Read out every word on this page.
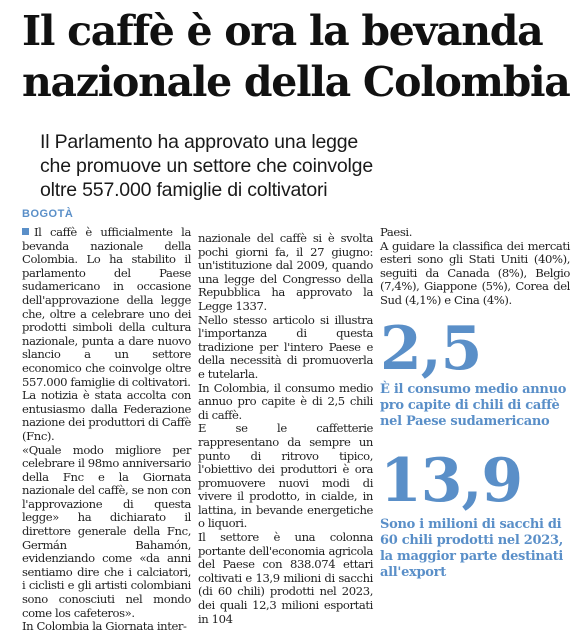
Il caffè è ora la bevanda
nazionale della Colombia
Il Parlamento ha approvato una legge
che promuove un settore che coinvolge
oltre 557.000 famiglie di coltivatori
BOGOTÀ

Il caffè è ufficialmente la bevanda nazionale della Colombia. Lo ha stabilito il parlamento del Paese sudamericano in occasione dell'approvazione della legge che, oltre a celebrare uno dei prodotti simboli della cultura nazionale, punta a dare nuovo slancio a un settore economico che coinvolge oltre 557.000 famiglie di coltivatori.

La notizia è stata accolta con entusiasmo dalla Federazione nazione dei produttori di Caffè (Fnc).

«Quale modo migliore per celebrare il 98mo anniversario della Fnc e la Giornata nazionale del caffè, se non con l'approvazione di questa legge» ha dichiarato il direttore generale della Fnc, Germán Bahamón, evidenziando come «da anni sentiamo dire che i calciatori, i ciclisti e gli artisti colombiani sono conosciuti nel mondo come los cafeteros».

In Colombia la Giornata inter-

nazionale del caffè si è svolta pochi giorni fa, il 27 giugno: un'istituzione dal 2009, quando una legge del Congresso della Repubblica ha approvato la Legge 1337.

Nello stesso articolo si illustra l'importanza di questa tradizione per l'intero Paese e della necessità di promuoverla e tutelarla.

In Colombia, il consumo medio annuo pro capite è di 2,5 chili di caffè.

E se le caffetterie rappresentano da sempre un punto di ritrovo tipico, l'obiettivo dei produttori è ora promuovere nuovi modi di vivere il prodotto, in cialde, in lattina, in bevande energetiche o liquori.

Il settore è una colonna portante dell'economia agricola del Paese con 838.074 ettari coltivati e 13,9 milioni di sacchi (di 60 chili) prodotti nel 2023, dei quali 12,3 milioni esportati in 104

Paesi.

A guidare la classifica dei mercati esteri sono gli Stati Uniti (40%), seguiti da Canada (8%), Belgio (7,4%), Giappone (5%), Corea del Sud (4,1%) e Cina (4%).

2,5
È il consumo medio annuo pro capite di chili di caffè nel Paese sudamericano
13,9
Sono i milioni di sacchi di 60 chili prodotti nel 2023, la maggior parte destinati all'export
